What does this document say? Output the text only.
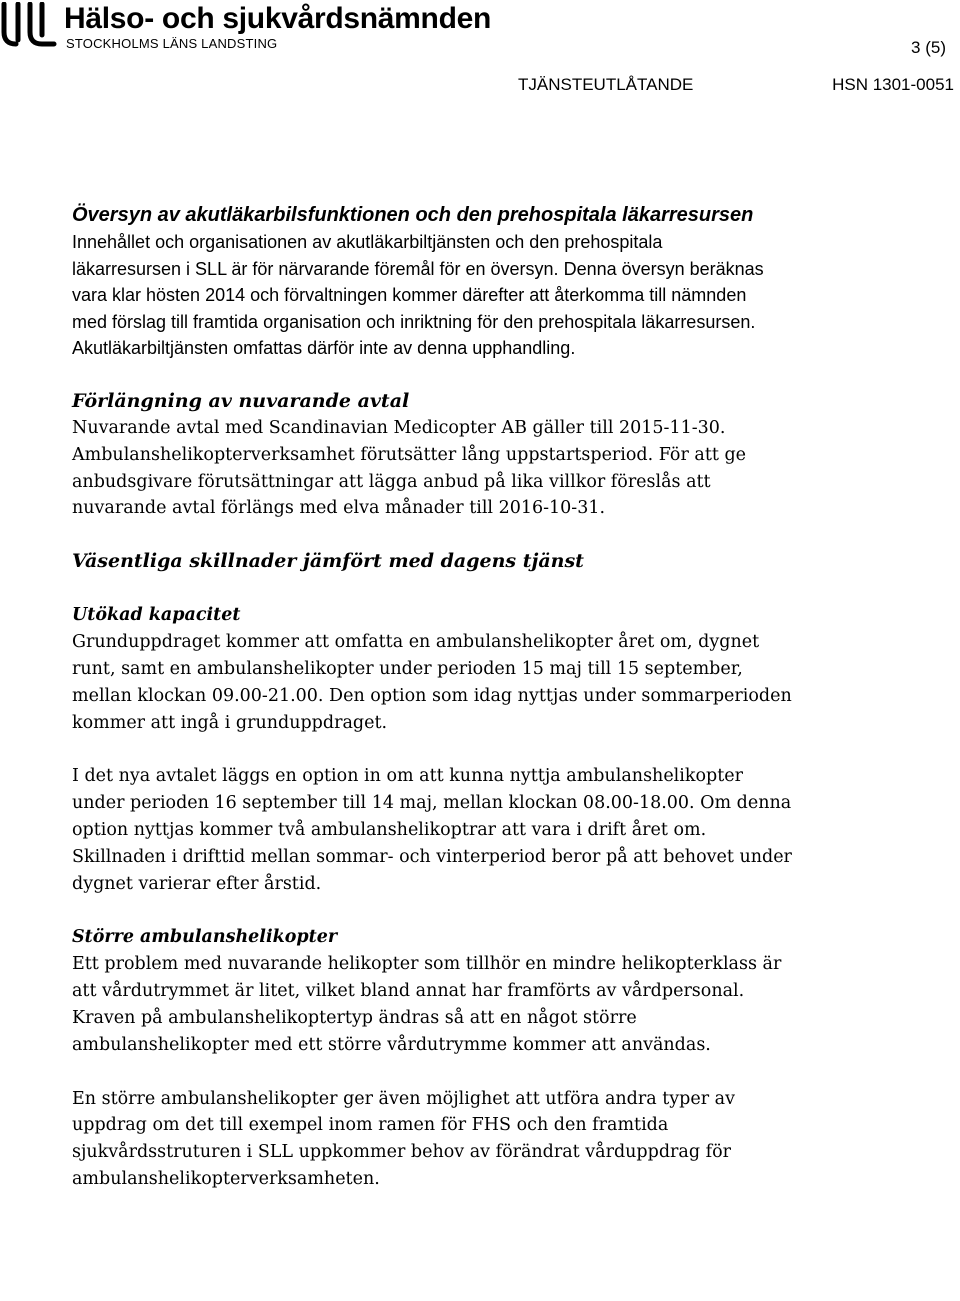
Hälso- och sjukvårdsnämnden
STOCKHOLMS LÄNS LANDSTING	3 (5)
TJÄNSTEUTLÅTANDE	HSN 1301-0051
Översyn av akutläkarbilsfunktionen och den prehospitala läkarresursen

Innehållet och organisationen av akutläkarbiltjänsten och den prehospitala läkarresursen i SLL är för närvarande föremål för en översyn. Denna översyn beräknas vara klar hösten 2014 och förvaltningen kommer därefter att återkomma till nämnden med förslag till framtida organisation och inriktning för den prehospitala läkarresursen. Akutläkarbiltjänsten omfattas därför inte av denna upphandling.

Förlängning av nuvarande avtal

Nuvarande avtal med Scandinavian Medicopter AB gäller till 2015-11-30. Ambulanshelikopterverksamhet förutsätter lång uppstartsperiod. För att ge anbudsgivare förutsättningar att lägga anbud på lika villkor föreslås att nuvarande avtal förlängs med elva månader till 2016-10-31.

Väsentliga skillnader jämfört med dagens tjänst
Utökad kapacitet

Grunduppdraget kommer att omfatta en ambulanshelikopter året om, dygnet runt, samt en ambulanshelikopter under perioden 15 maj till 15 september, mellan klockan 09.00-21.00. Den option som idag nyttjas under sommarperioden kommer att ingå i grunduppdraget.

I det nya avtalet läggs en option in om att kunna nyttja ambulanshelikopter under perioden 16 september till 14 maj, mellan klockan 08.00-18.00. Om denna option nyttjas kommer två ambulanshelikoptrar att vara i drift året om. Skillnaden i drifttid mellan sommar- och vinterperiod beror på att behovet under dygnet varierar efter årstid.

Större ambulanshelikopter

Ett problem med nuvarande helikopter som tillhör en mindre helikopterklass är att vårdutrymmet är litet, vilket bland annat har framförts av vårdpersonal. Kraven på ambulanshelikoptertyp ändras så att en något större ambulanshelikopter med ett större vårdutrymme kommer att användas.

En större ambulanshelikopter ger även möjlighet att utföra andra typer av uppdrag om det till exempel inom ramen för FHS och den framtida sjukvårdsstruturen i SLL uppkommer behov av förändrat vårduppdrag för ambulanshelikopterverksamheten.
